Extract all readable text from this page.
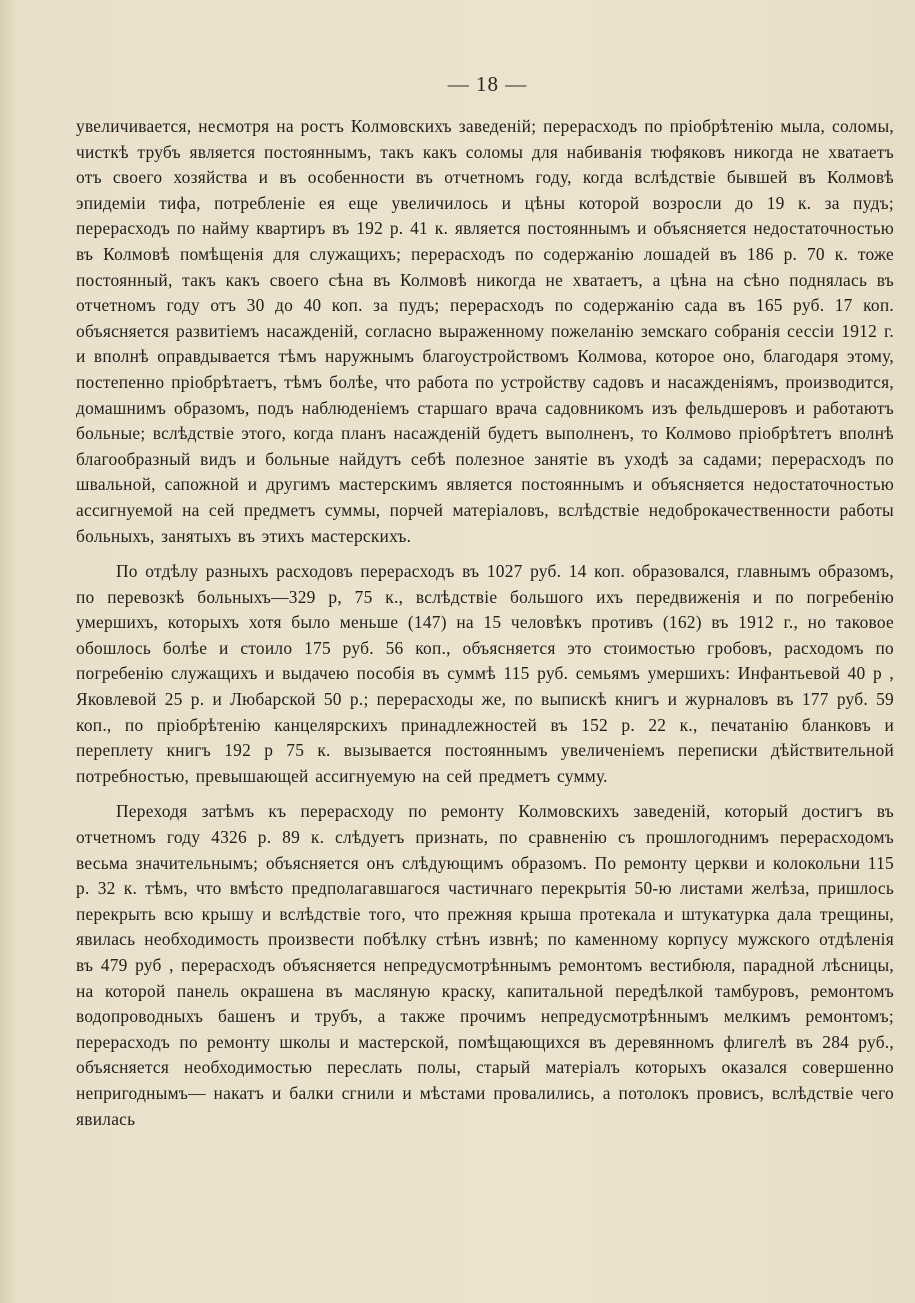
— 18 —

увеличивается, несмотря на ростъ Колмовскихъ заведеній; перерасходъ по пріобрѣтенію мыла, соломы, чисткѣ трубъ является постояннымъ, такъ какъ соломы для набиванія тюфяковъ никогда не хватаетъ отъ своего хозяйства и въ особенности въ отчетномъ году, когда вслѣдствіе бывшей въ Колмовѣ эпидеміи тифа, потребленіе ея еще увеличилось и цѣны которой возросли до 19 к. за пудъ; перерасходъ по найму квартиръ въ 192 р. 41 к. является постояннымъ и объясняется недостаточностью въ Колмовѣ помѣщенія для служащихъ; перерасходъ по содержанію лошадей въ 186 р. 70 к. тоже постоянный, такъ какъ своего сѣна въ Колмовѣ никогда не хватаетъ, а цѣна на сѣно поднялась въ отчетномъ году отъ 30 до 40 коп. за пудъ; перерасходъ по содержанію сада въ 165 руб. 17 коп. объясняется развитіемъ насажденій, согласно выраженному пожеланію земскаго собранія сессіи 1912 г. и вполнѣ оправдывается тѣмъ наружнымъ благоустройствомъ Колмова, которое оно, благодаря этому, постепенно пріобрѣтаетъ, тѣмъ болѣе, что работа по устройству садовъ и насажденіямъ, производится, домашнимъ образомъ, подъ наблюденіемъ старшаго врача садовникомъ изъ фельдшеровъ и работаютъ больные; вслѣдствіе этого, когда планъ насажденій будетъ выполненъ, то Колмово пріобрѣтетъ вполнѣ благообразный видъ и больные найдутъ себѣ полезное занятіе въ уходѣ за садами; перерасходъ по швальной, сапожной и другимъ мастерскимъ является постояннымъ и объясняется недостаточностью ассигнуемой на сей предметъ суммы, порчей матеріаловъ, вслѣдствіе недоброкачественности работы больныхъ, занятыхъ въ этихъ мастерскихъ.

По отдѣлу разныхъ расходовъ перерасходъ въ 1027 руб. 14 коп. образовался, главнымъ образомъ, по перевозкѣ больныхъ—329 р, 75 к., вслѣдствіе большого ихъ передвиженія и по погребенію умершихъ, которыхъ хотя было меньше (147) на 15 человѣкъ противъ (162) въ 1912 г., но таковое обошлось болѣе и стоило 175 руб. 56 коп., объясняется это стоимостью гробовъ, расходомъ по погребенію служащихъ и выдачею пособія въ суммѣ 115 руб. семьямъ умершихъ: Инфантьевой 40 р , Яковлевой 25 р. и Любарской 50 р.; перерасходы же, по выпискѣ книгъ и журналовъ въ 177 руб. 59 коп., по пріобрѣтенію канцелярскихъ принадлежностей въ 152 р. 22 к., печатанію бланковъ и переплету книгъ 192 р 75 к. вызывается постояннымъ увеличеніемъ переписки дѣйствительной потребностью, превышающей ассигнуемую на сей предметъ сумму.

Переходя затѣмъ къ перерасходу по ремонту Колмовскихъ заведеній, который достигъ въ отчетномъ году 4326 р. 89 к. слѣдуетъ признать, по сравненію съ прошлогоднимъ перерасходомъ весьма значительнымъ; объясняется онъ слѣдующимъ образомъ. По ремонту церкви и колокольни 115 р. 32 к. тѣмъ, что вмѣсто предполагавшагося частичнаго перекрытія 50-ю листами желѣза, пришлось перекрыть всю крышу и вслѣдствіе того, что прежняя крыша протекала и штукатурка дала трещины, явилась необходимость произвести побѣлку стѣнъ извнѣ; по каменному корпусу мужского отдѣленія въ 479 руб , перерасходъ объясняется непредусмотрѣннымъ ремонтомъ вестибюля, парадной лѣсницы, на которой панель окрашена въ масляную краску, капитальной передѣлкой тамбуровъ, ремонтомъ водопроводныхъ башенъ и трубъ, а также прочимъ непредусмотрѣннымъ мелкимъ ремонтомъ; перерасходъ по ремонту школы и мастерской, помѣщающихся въ деревянномъ флигелѣ въ 284 руб., объясняется необходимостью переслать полы, старый матеріалъ которыхъ оказался совершенно непригоднымъ— накатъ и балки сгнили и мѣстами провалились, а потолокъ провисъ, вслѣдствіе чего явилась
